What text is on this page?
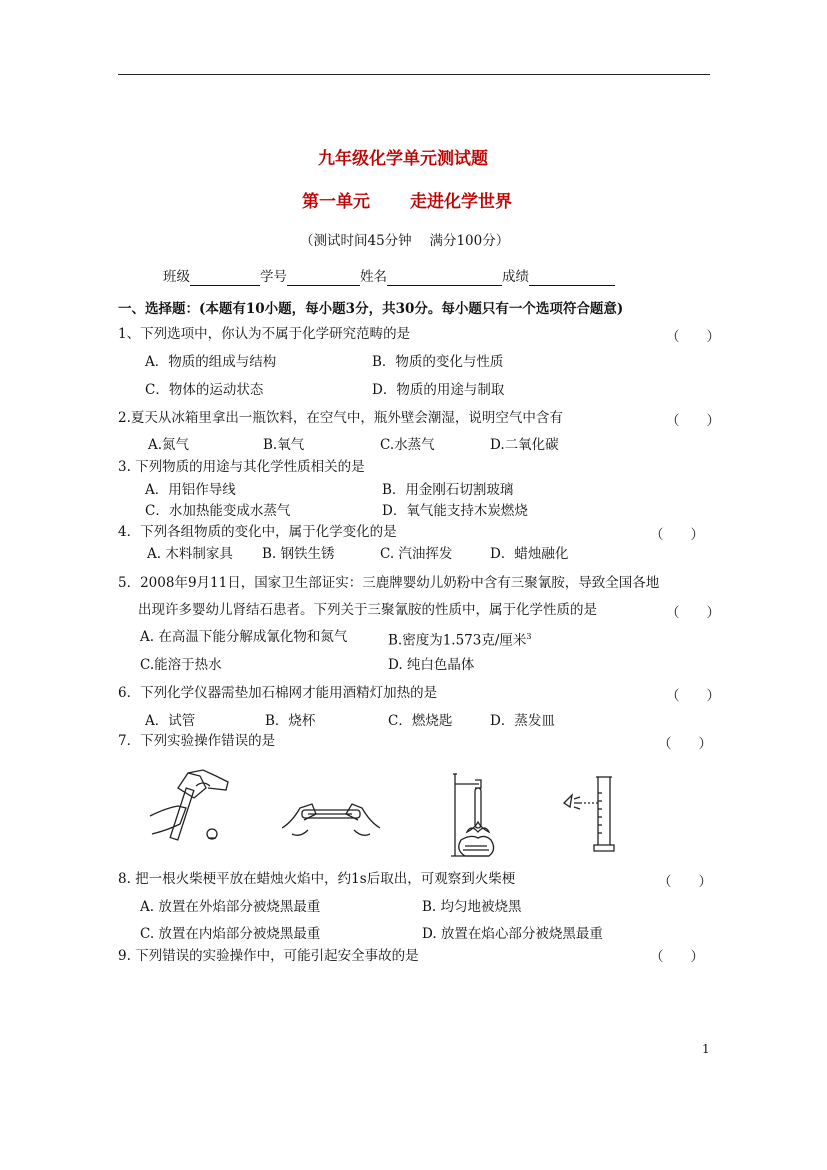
九年级化学单元测试题
第一单元 走进化学世界
（测试时间45分钟　 满分100分）
班级	学号	姓名	成绩
一、选择题：(本题有10小题，每小题3分，共30分。每小题只有一个选项符合题意)
1、下列选项中，你认为不属于化学研究范畴的是	（　　）
A．物质的组成与结构	B．物质的变化与性质
C．物体的运动状态	D．物质的用途与制取
2.夏天从冰箱里拿出一瓶饮料，在空气中，瓶外壁会潮湿，说明空气中含有	（　　）
A.氮气	B.氧气	C.水蒸气	D.二氧化碳
3. 下列物质的用途与其化学性质相关的是
A．用铝作导线	B．用金刚石切割玻璃
C．水加热能变成水蒸气	D．氧气能支持木炭燃烧
4．下列各组物质的变化中，属于化学变化的是	（　　）
A. 木料制家具 B. 钢铁生锈	C. 汽油挥发	D．蜡烛融化
5．2008年9月11日，国家卫生部证实：三鹿牌婴幼儿奶粉中含有三聚氰胺，导致全国各地
出现许多婴幼儿肾结石患者。下列关于三聚氰胺的性质中，属于化学性质的是	（　　）
A. 在高温下能分解成氰化物和氮气	B.密度为1.573克/厘米$^3$
C.能溶于热水	D. 纯白色晶体
6．下列化学仪器需垫加石棉网才能用酒精灯加热的是	（　　）
A．试管	B．烧杯	C．燃烧匙	D．蒸发皿
7．下列实验操作错误的是	（　　）
8. 把一根火柴梗平放在蜡烛火焰中，约1s后取出，可观察到火柴梗	（　　）
A. 放置在外焰部分被烧黑最重	B. 均匀地被烧黑
C. 放置在内焰部分被烧黑最重	D. 放置在焰心部分被烧黑最重
9. 下列错误的实验操作中，可能引起安全事故的是	（　　）
1
